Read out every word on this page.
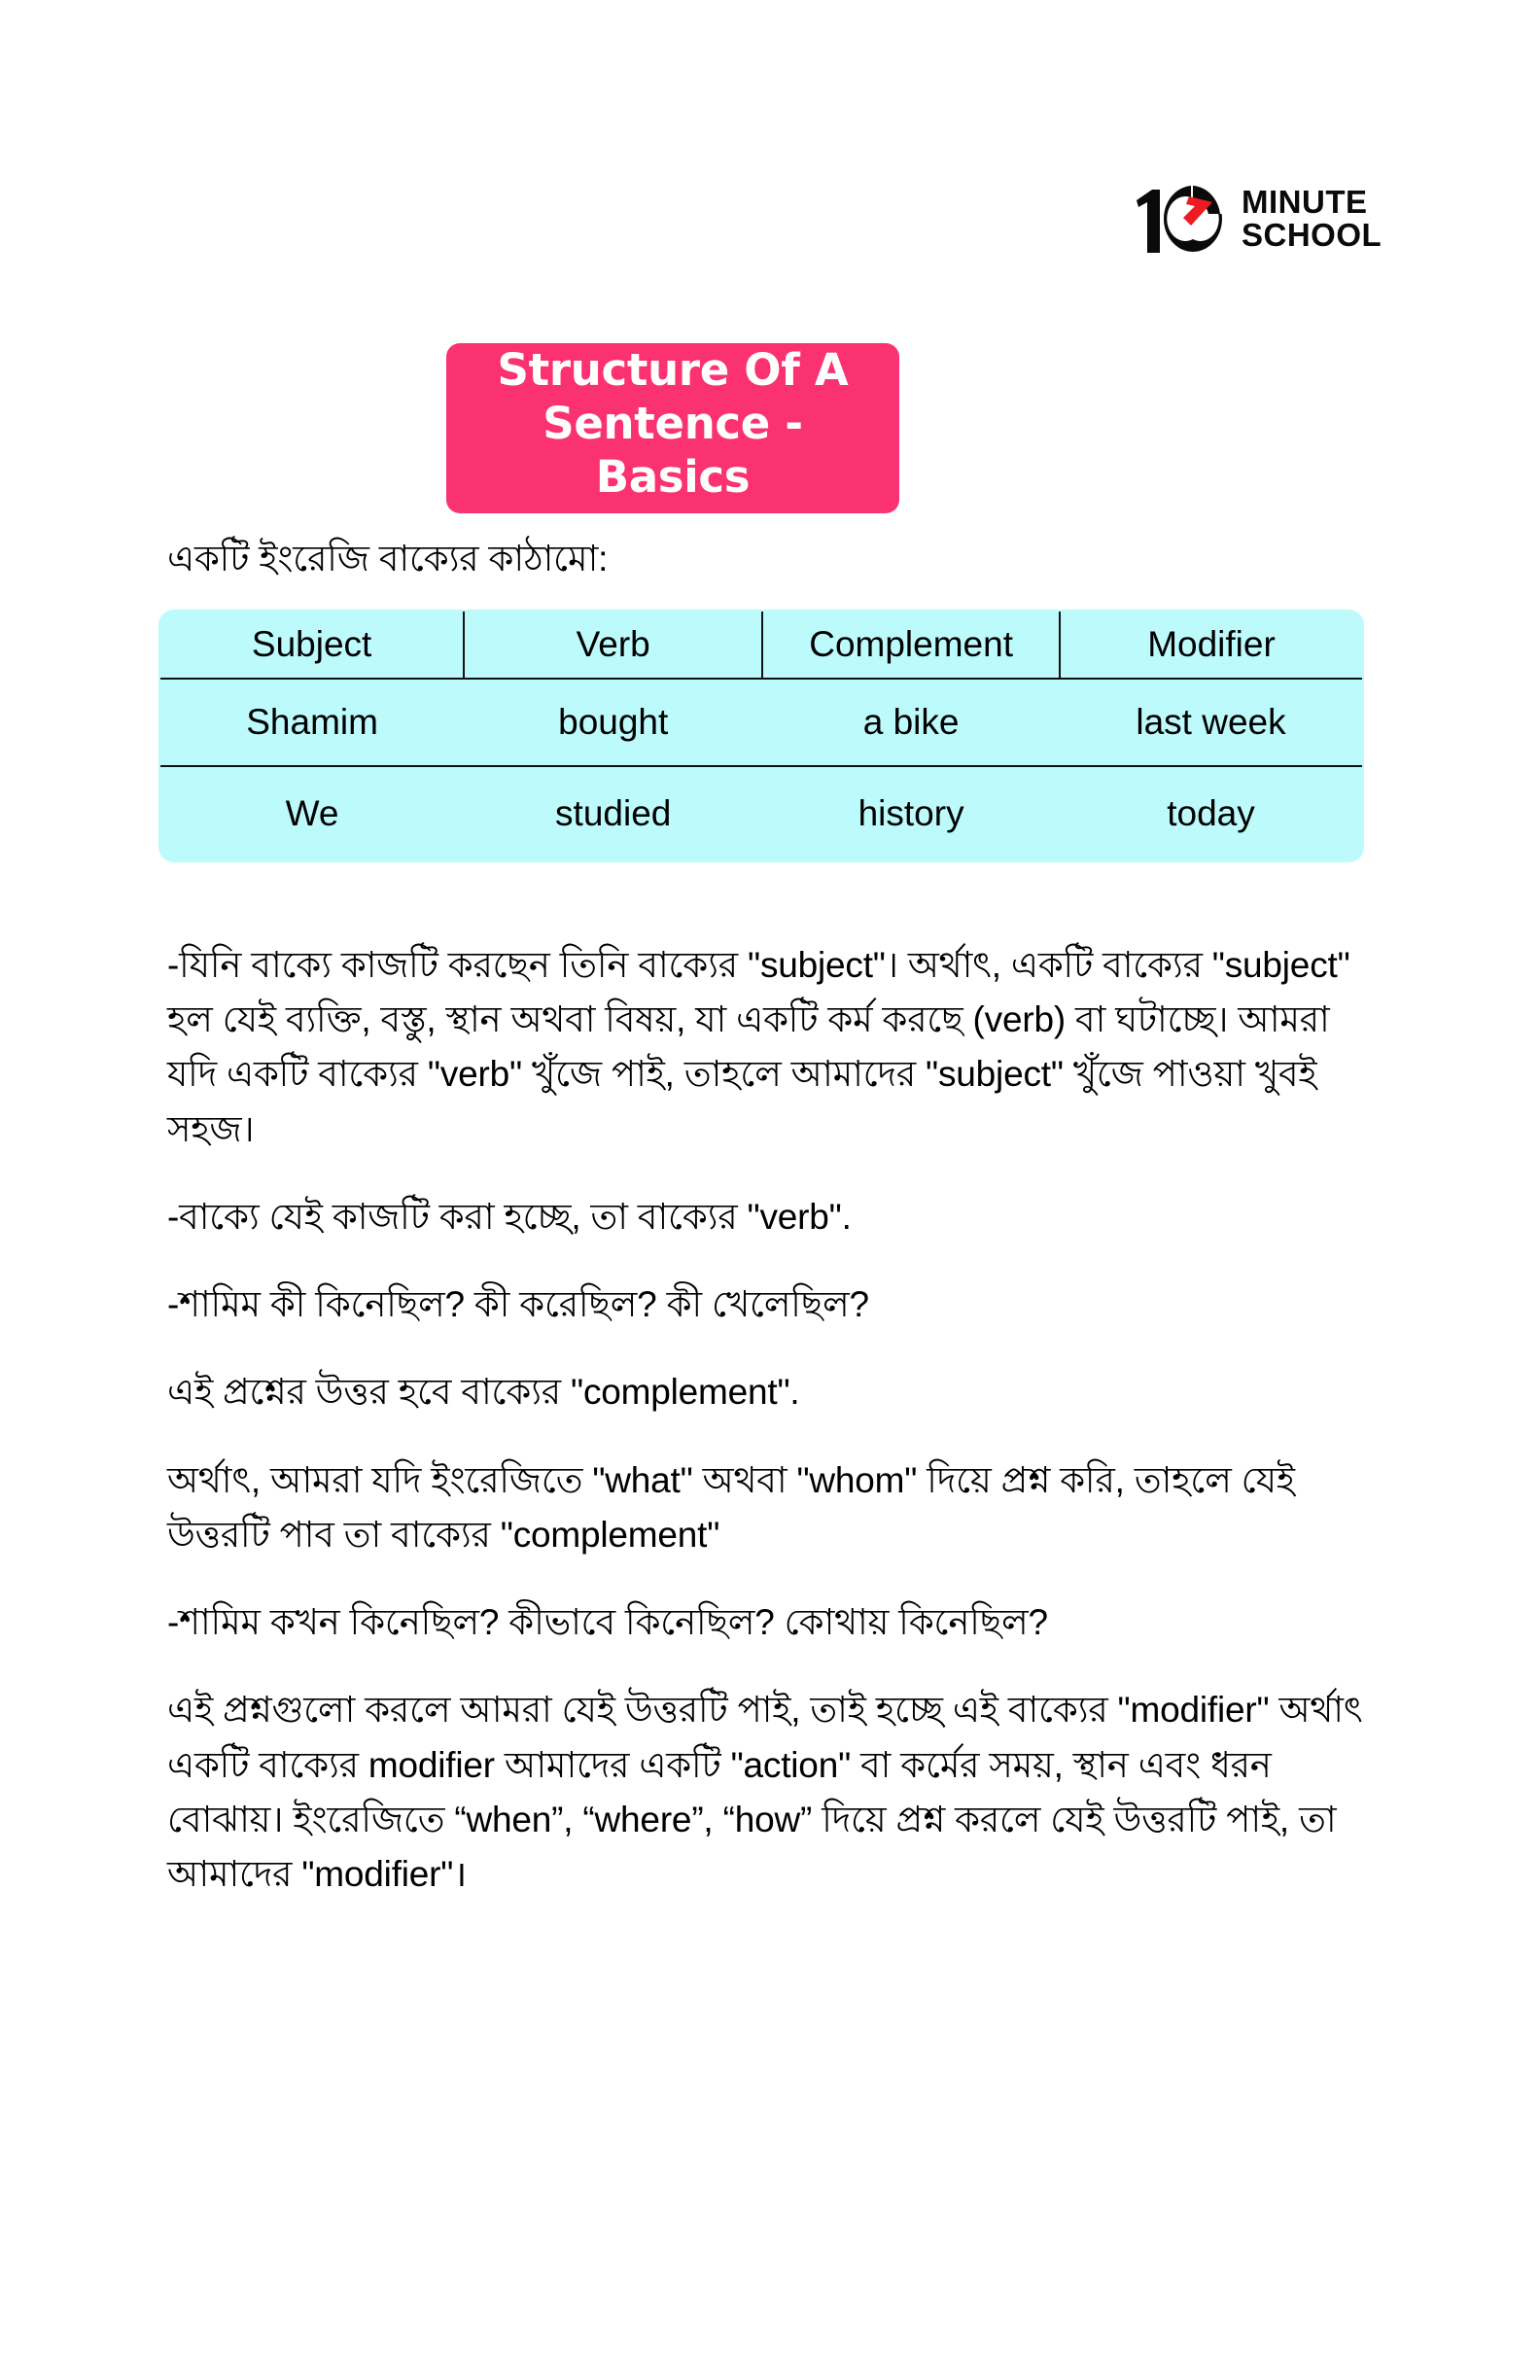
MINUTE
SCHOOL
Structure Of A Sentence - Basics
একটি ইংরেজি বাক্যের কাঠামো:
Subject	Verb	Complement	Modifier
Shamim	bought	a bike	last week
We	studied	history	today

-যিনি বাক্যে কাজটি করছেন তিনি বাক্যের "subject"। অর্থাৎ, একটি বাক্যের "subject" হল যেই ব্যক্তি, বস্তু, স্থান অথবা বিষয়, যা একটি কর্ম করছে (verb) বা ঘটাচ্ছে। আমরা যদি একটি বাক্যের "verb" খুঁজে পাই, তাহলে আমাদের "subject" খুঁজে পাওয়া খুবই সহজ।

-বাক্যে যেই কাজটি করা হচ্ছে, তা বাক্যের "verb".

-শামিম কী কিনেছিল? কী করেছিল? কী খেলেছিল?

এই প্রশ্নের উত্তর হবে বাক্যের "complement".

অর্থাৎ, আমরা যদি ইংরেজিতে "what" অথবা "whom" দিয়ে প্রশ্ন করি, তাহলে যেই উত্তরটি পাব তা বাক্যের "complement"

-শামিম কখন কিনেছিল? কীভাবে কিনেছিল? কোথায় কিনেছিল?

এই প্রশ্নগুলো করলে আমরা যেই উত্তরটি পাই, তাই হচ্ছে এই বাক্যের "modifier" অর্থাৎ একটি বাক্যের modifier আমাদের একটি "action" বা কর্মের সময়, স্থান এবং ধরন বোঝায়। ইংরেজিতে “when”, “where”, “how” দিয়ে প্রশ্ন করলে যেই উত্তরটি পাই, তা আমাদের "modifier"।
